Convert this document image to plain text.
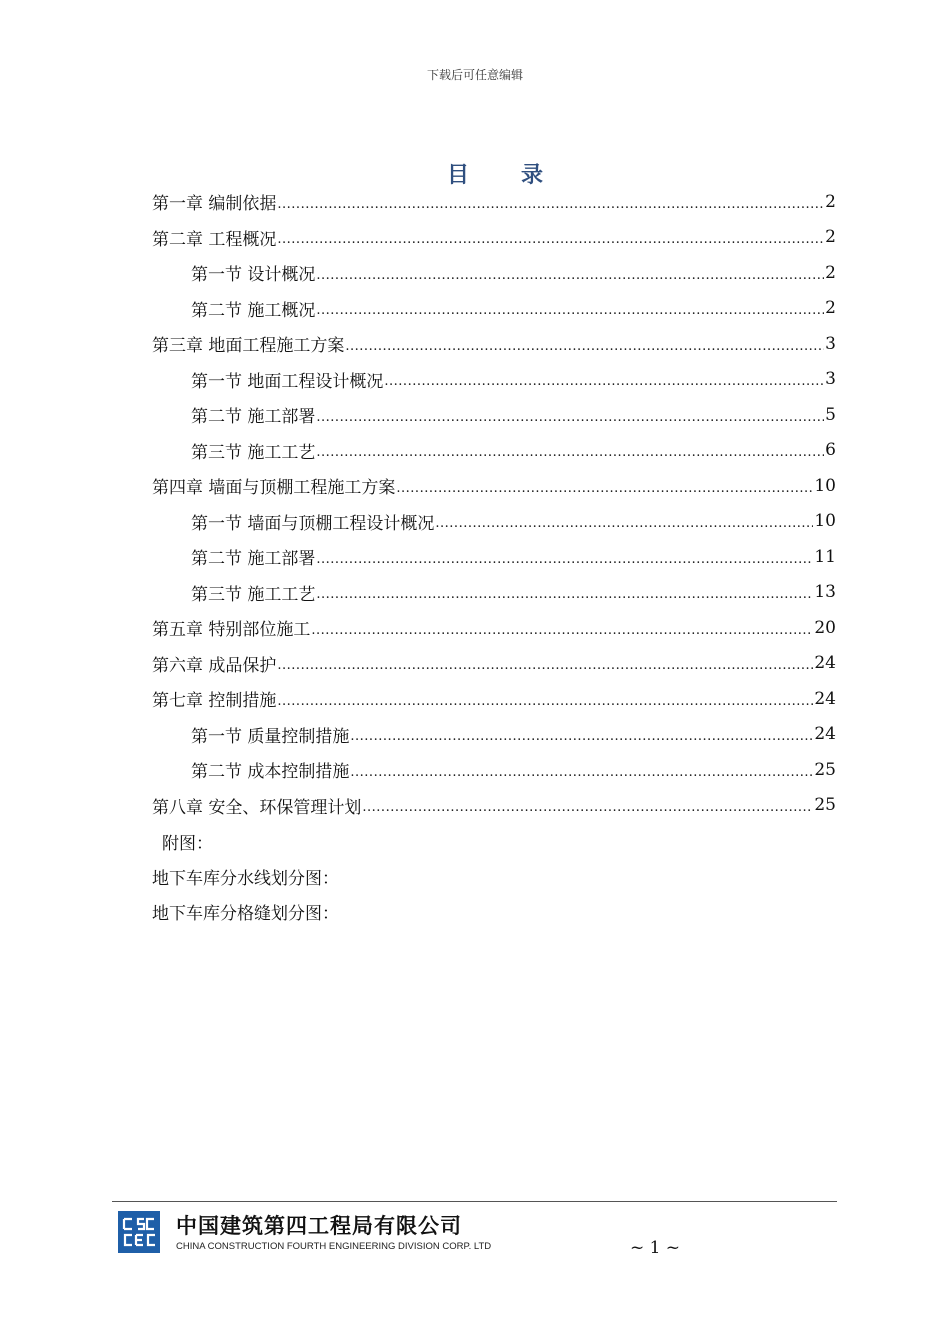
下载后可任意编辑
目 录
第一章 编制依据 .....	2
第二章 工程概况 .....	2
第一节 设计概况 .....	2
第二节 施工概况 .....	2
第三章 地面工程施工方案 .....	3
第一节 地面工程设计概况 .....	3
第二节 施工部署 .....	5
第三节 施工工艺 .....	6
第四章 墙面与顶棚工程施工方案 .....	10
第一节 墙面与顶棚工程设计概况 .....	10
第二节 施工部署 .....	11
第三节 施工工艺 .....	13
第五章 特别部位施工 .....	20
第六章 成品保护 .....	24
第七章 控制措施 .....	24
第一节 质量控制措施 .....	24
第二节 成本控制措施 .....	25
第八章 安全、环保管理计划 .....	25
附图：
地下车库分水线划分图：
地下车库分格缝划分图：
中国建筑第四工程局有限公司
CHINA CONSTRUCTION FOURTH ENGINEERING DIVISION CORP. LTD	~ 1 ~
